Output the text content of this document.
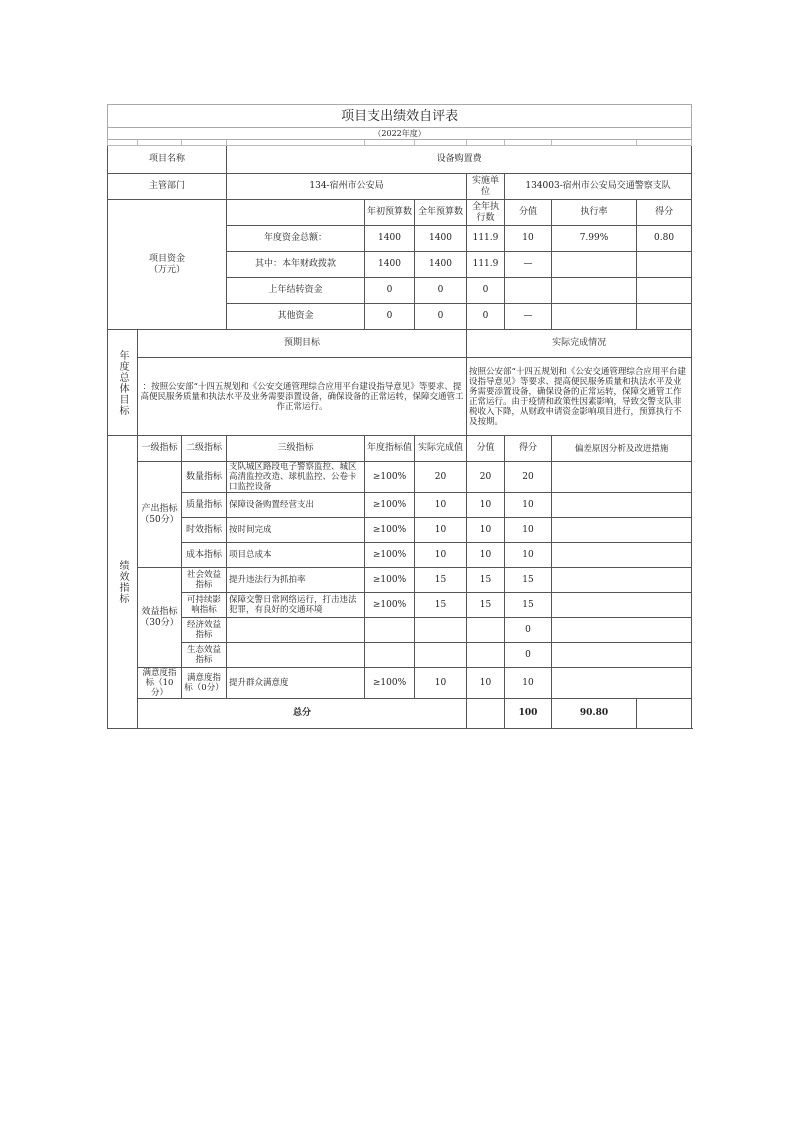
项目支出绩效自评表									
（2022年度）									

项目名称			设备购置费						
主管部门			134-宿州市公安局			实施单位	134003-宿州市公安局交通警察支队		
项目资金
（万元）				年初预算数	全年预算数	全年执行数	分值	执行率	得分
			年度资金总额：	1400	1400	111.9	10	7.99%	0.80
			其中：本年财政拨款	1400	1400	111.9	—		
			上年结转资金	0	0	0			
			其他资金	0	0	0	—		
年度总体目标	预期目标					实际完成情况			
	：按照公安部“十四五规划和《公安交通管理综合应用平台建设指导意见》等要求、提高便民服务质量和执法水平及业务需要添置设备，确保设备的正常运转，保障交通管工作正常运行。					按照公安部“十四五规划和《公安交通管理综合应用平台建设指导意见》等要求、提高便民服务质量和执法水平及业务需要添置设备，确保设备的正常运转，保障交通管工作正常运行。由于疫情和政策性因素影响，导致交警支队非税收入下降，从财政申请资金影响项目进行，预算执行不及按期。			
绩效指标	一级指标	二级指标	三级指标	年度指标值	实际完成值	分值	得分	偏差原因分析及改进措施	
	产出指标
（50分）	数量指标	支队城区路段电子警察监控、城区高清监控改造、球机监控、公卷卡口监控设备	≥100%	20	20	20		
		质量指标	保障设备购置经营支出	≥100%	10	10	10		
		时效指标	按时间完成	≥100%	10	10	10		
		成本指标	项目总成本	≥100%	10	10	10		
	效益指标
（30分）	社会效益指标	提升违法行为抓拍率	≥100%	15	15	15		
		可持续影响指标	保障交警日常网络运行，打击违法犯罪，有良好的交通环境	≥100%	15	15	15		
		经济效益指标					0		
		生态效益指标					0		
	满意度指标（10分）	满意度指标（0分）	提升群众满意度	≥100%	10	10	10		
	总分						100	90.80	
